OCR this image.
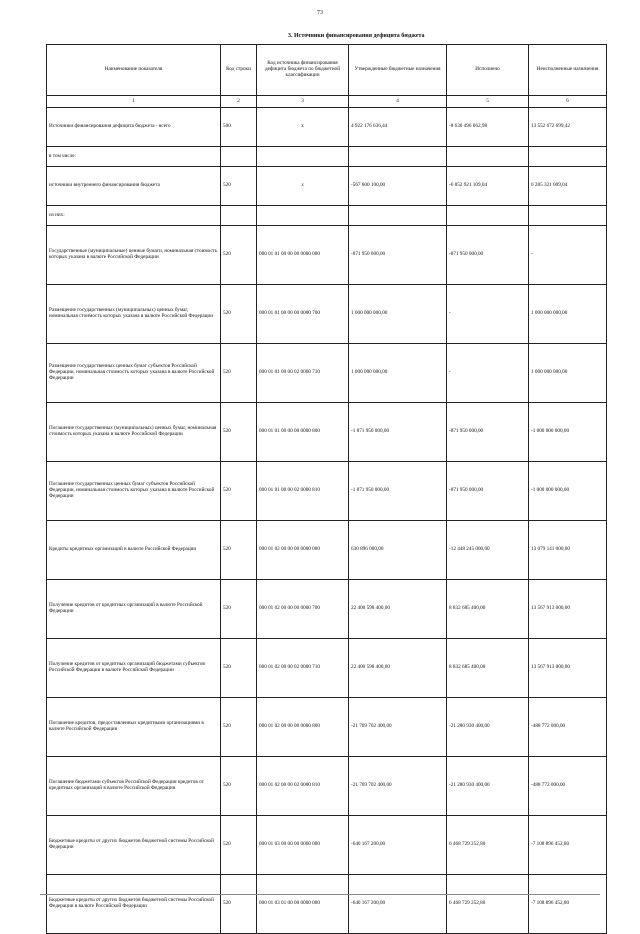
73
3. Источники финансирования дефицита бюджета
Наименование показателя	Код строки	Код источника финансирования дефицита бюджета по бюджетной классификации	Утвержденные бюджетные назначения	Исполнено	Неисполненные назначения
1	2	3	4	5	6
Источники финансирования дефицита бюджета - всего	500	x	4 922 176 636,44	-8 630 496 062,98	13 552 672 699,42
в том числе:					
источники внутреннего финансирования бюджета	520	x	-567 600 100,00	-6 852 921 109,04	6 285 321 009,04
из них:					
Государственные (муниципальные) ценные бумаги, номинальная стоимость которых указана в валюте Российской Федерации	520	000 01 01 00 00 00 0000 000	-871 950 000,00	-871 950 000,00	-
Размещение государственных (муниципальных) ценных бумаг, номинальная стоимость которых указана в валюте Российской Федерации	520	000 01 01 00 00 00 0000 700	1 000 000 000,00	-	1 000 000 000,00
Размещение государственных ценных бумаг субъектов Российской Федерации, номинальная стоимость которых указана в валюте Российской Федерации	520	000 01 01 00 00 02 0000 710	1 000 000 000,00	-	1 000 000 000,00
Погашение государственных (муниципальных) ценных бумаг, номинальная стоимость которых указана в валюте Российской Федерации	520	000 01 01 00 00 00 0000 800	-1 871 950 000,00	-871 950 000,00	-1 000 000 000,00
Погашение государственных ценных бумаг субъектов Российской Федерации, номинальная стоимость которых указана в валюте Российской Федерации	520	000 01 01 00 00 02 0000 810	-1 871 950 000,00	-871 950 000,00	-1 000 000 000,00
Кредиты кредитных организаций в валюте Российской Федерации	520	000 01 02 00 00 00 0000 000	630 896 000,00	-12 448 245 000,00	13 079 141 000,00
Получение кредитов от кредитных организаций в валюте Российской Федерации	520	000 01 02 00 00 00 0000 700	22 400 598 400,00	8 832 685 400,00	13 567 913 000,00
Получение кредитов от кредитных организаций бюджетами субъектов Российской Федерации в валюте Российской Федерации	520	000 01 02 00 00 02 0000 710	22 400 598 400,00	8 832 685 400,00	13 567 913 000,00
Погашение кредитов, предоставленных кредитными организациями в валюте Российской Федерации	520	000 01 02 00 00 00 0000 800	-21 769 702 400,00	-21 280 930 400,00	-488 772 000,00
Погашение бюджетами субъектов Российской Федерации кредитов от кредитных организаций в валюте Российской Федерации	520	000 01 02 00 00 02 0000 810	-21 769 702 400,00	-21 280 930 400,00	-488 772 000,00
Бюджетные кредиты от других бюджетов бюджетной системы Российской Федерации	520	000 01 03 00 00 00 0000 000	-640 167 200,00	6 468 729 252,80	-7 108 896 452,80
Бюджетные кредиты от других бюджетов бюджетной системы Российской Федерации в валюте Российской Федерации	520	000 01 03 01 00 00 0000 000	-640 167 200,00	6 468 729 252,80	-7 108 896 452,80
